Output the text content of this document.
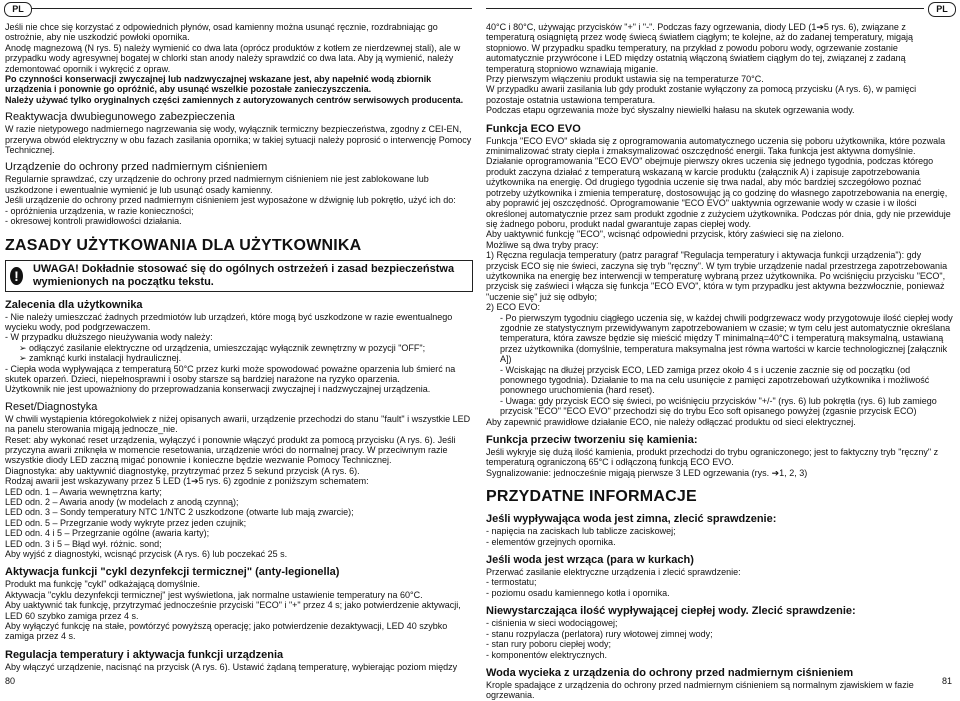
PL	PL

Jeśli nie chce się korzystać z odpowiednich płynów, osad kamienny można usunąć ręcznie, rozdrabniając go ostrożnie, aby nie uszkodzić powłoki opornika.

Anodę magnezową (N rys. 5) należy wymienić co dwa lata (oprócz produktów z kotłem ze nierdzewnej stali), ale w przypadku wody agresywnej bogatej w chlorki stan anody należy sprawdzić co dwa lata. Aby ją wymienić, należy zdemontować opornik i wykręcić z opraw.

Po czynności konserwacji zwyczajnej lub nadzwyczajnej wskazane jest, aby napełnić wodą zbiornik urządzenia i ponownie go opróżnić, aby usunąć wszelkie pozostałe zanieczyszczenia.

Należy używać tylko oryginalnych części zamiennych z autoryzowanych centrów serwisowych producenta.

Reaktywacja dwubiegunowego zabezpieczenia

W razie nietypowego nadmiernego nagrzewania się wody, wyłącznik termiczny bezpieczeństwa, zgodny z CEI-EN, przerywa obwód elektryczny w obu fazach zasilania opornika; w takiej sytuacji należy poprosić o interwencję Pomocy Technicznej.

Urządzenie do ochrony przed nadmiernym ciśnieniem

Regularnie sprawdzać, czy urządzenie do ochrony przed nadmiernym ciśnieniem nie jest zablokowane lub uszkodzone i ewentualnie wymienić je lub usunąć osady kamienny.

Jeśli urządzenie do ochrony przed nadmiernym ciśnieniem jest wyposażone w dźwignię lub pokrętło, użyć ich do:

- opróżnienia urządzenia, w razie konieczności;

- okresowej kontroli prawidłowości działania.

ZASADY UŻYTKOWANIA DLA UŻYTKOWNIKA

!	UWAGA! Dokładnie stosować się do ogólnych ostrzeżeń i zasad bezpieczeństwa wymienionych na początku tekstu.

Zalecenia dla użytkownika

- Nie należy umieszczać żadnych przedmiotów lub urządzeń, które mogą być uszkodzone w razie ewentualnego wycieku wody, pod podgrzewaczem.

- W przypadku dłuższego nieużywania wody należy:

➢ odłączyć zasilanie elektryczne od urządzenia, umieszczając wyłącznik zewnętrzny w pozycji "OFF";

➢ zamknąć kurki instalacji hydraulicznej.

- Ciepła woda wypływająca z temperaturą 50°C przez kurki może spowodować poważne oparzenia lub śmierć na skutek oparzeń. Dzieci, niepełnosprawni i osoby starsze są bardziej narażone na ryzyko oparzenia.

Użytkownik nie jest upoważniony do przeprowadzania konserwacji zwyczajnej i nadzwyczajnej urządzenia.

Reset/Diagnostyka

W chwili wystąpienia któregokolwiek z niżej opisanych awarii, urządzenie przechodzi do stanu "fault" i wszystkie LED na panelu sterowania migają jednocze_nie.

Reset: aby wykonać reset urządzenia, wyłączyć i ponownie włączyć produkt za pomocą przycisku (A rys. 6). Jeśli przyczyna awarii zniknęła w momencie resetowania, urządzenie wróci do normalnej pracy. W przeciwnym razie wszystkie diody LED zaczną migać ponownie i konieczne będzie wezwanie Pomocy Technicznej.

Diagnostyka: aby uaktywnić diagnostykę, przytrzymać przez 5 sekund przycisk (A rys. 6).

Rodzaj awarii jest wskazywany przez 5 LED (1➔5 rys. 6) zgodnie z poniższym schematem:

LED odn. 1 – Awaria wewnętrzna karty;

LED odn. 2 – Awaria anody (w modelach z anodą czynną);

LED odn. 3 – Sondy temperatury NTC 1/NTC 2 uszkodzone (otwarte lub mają zwarcie);

LED odn. 5 – Przegrzanie wody wykryte przez jeden czujnik;

LED odn. 4 i 5 – Przegrzanie ogólne (awaria karty);

LED odn. 3 i 5 – Błąd wył. różnic. sond;

Aby wyjść z diagnostyki, wcisnąć przycisk (A rys. 6) lub poczekać 25 s.

Aktywacja funkcji "cykl dezynfekcji termicznej" (anty-legionella)

Produkt ma funkcję "cykl" odkażającą domyślnie.

Aktywacja "cyklu dezynfekcji termicznej" jest wyświetlona, jak normalne ustawienie temperatury na 60°C.

Aby uaktywnić tak funkcję, przytrzymać jednocześnie przyciski "ECO" i "+" przez 4 s; jako potwierdzenie aktywacji, LED 60 szybko zamiga przez 4 s.

Aby wyłączyć funkcję na stałe, powtórzyć powyższą operację; jako potwierdzenie dezaktywacji, LED 40 szybko zamiga przez 4 s.

Regulacja temperatury i aktywacja funkcji urządzenia

Aby włączyć urządzenie, nacisnąć na przycisk (A rys. 6). Ustawić żądaną temperaturę, wybierając poziom między

40°C i 80°C, używając przycisków "+" i "-". Podczas fazy ogrzewania, diody LED (1➔5 rys. 6), związane z temperaturą osiągniętą przez wodę świecą światłem ciągłym; te kolejne, aż do zadanej temperatury, migają stopniowo. W przypadku spadku temperatury, na przykład z powodu poboru wody, ogrzewanie zostanie automatycznie przywrócone i LED między ostatnią włączoną światłem ciągłym do tej, związanej z zadaną temperaturą stopniowo wznawiają miganie.

Przy pierwszym włączeniu produkt ustawia się na temperaturze 70°C.

W przypadku awarii zasilania lub gdy produkt zostanie wyłączony za pomocą przycisku (A rys. 6), w pamięci pozostaje ostatnia ustawiona temperatura.

Podczas etapu ogrzewania może być słyszalny niewielki hałasu na skutek ogrzewania wody.

Funkcja ECO EVO

Funkcja "ECO EVO" składa się z oprogramowania automatycznego uczenia się poboru użytkownika, które pozwala zminimalizować straty ciepła i zmaksymalizować oszczędność energii. Taka funkcja jest aktywna domyślnie.

Działanie oprogramowania "ECO EVO" obejmuje pierwszy okres uczenia się jednego tygodnia, podczas którego produkt zaczyna działać z temperaturą wskazaną w karcie produktu (załącznik A) i zapisuje zapotrzebowania użytkownika na energię. Od drugiego tygodnia uczenie się trwa nadal, aby móc bardziej szczegółowo poznać potrzeby użytkownika i zmienia temperaturę, dostosowując ją co godzinę do własnego zapotrzebowania na energię, aby poprawić jej oszczędność. Oprogramowanie "ECO EVO" uaktywnia ogrzewanie wody w czasie i w ilości określonej automatycznie przez sam produkt zgodnie z zużyciem użytkownika. Podczas pór dnia, gdy nie przewiduje się żadnego poboru, produkt nadal gwarantuje zapas ciepłej wody.

Aby uaktywnić funkcję "ECO", wcisnąć odpowiedni przycisk, który zaświeci się na zielono.

Możliwe są dwa tryby pracy:

1) Ręczna regulacja temperatury (patrz paragraf "Regulacja temperatury i aktywacja funkcji urządzenia"): gdy przycisk ECO się nie świeci, zaczyna się tryb "ręczny". W tym trybie urządzenie nadal przestrzega zapotrzebowania użytkownika na energię bez interwencji w temperaturę wybraną przez użytkownika. Po wciśnięciu przycisku "ECO", przycisk się zaświeci i włącza się funkcja "ECO EVO", która w tym przypadku jest aktywna bezzwłocznie, ponieważ "uczenie się" już się odbyło;

2) ECO EVO:

- Po pierwszym tygodniu ciągłego uczenia się, w każdej chwili podgrzewacz wody przygotowuje ilość ciepłej wody zgodnie ze statystycznym przewidywanym zapotrzebowaniem w czasie; w tym celu jest automatycznie określana temperatura, która zawsze będzie się mieścić między T minimalną=40°C i temperaturą maksymalną, ustawianą przez użytkownika (domyślnie, temperatura maksymalna jest równa wartości w karcie technologicznej [załącznik A])

- Wciskając na dłużej przycisk ECO, LED zamiga przez około 4 s i uczenie zacznie się od początku (od ponownego tygodnia). Działanie to ma na celu usunięcie z pamięci zapotrzebowań użytkownika i możliwość ponownego uruchomienia (hard reset).

- Uwaga: gdy przycisk ECO się świeci, po wciśnięciu przycisków "+/-" (rys. 6) lub pokrętła (rys. 6) lub zamiego przycisk "ECO" "ECO EVO" przechodzi się do trybu Eco soft opisanego powyżej (zgasnie przycisk ECO)

Aby zapewnić prawidłowe działanie ECO, nie należy odłączać produktu od sieci elektrycznej.

Funkcja przeciw tworzeniu się kamienia:

Jeśli wykryje się dużą ilość kamienia, produkt przechodzi do trybu ograniczonego; jest to faktyczny tryb "ręczny" z temperaturą ograniczoną 65°C i odłączoną funkcją ECO EVO.

Sygnalizowanie: jednocześnie migają pierwsze 3 LED ogrzewania (rys. ➔1, 2, 3)

PRZYDATNE INFORMACJE

Jeśli wypływająca woda jest zimna, zlecić sprawdzenie:

- napięcia na zaciskach lub tablicze zaciskowej;

- elementów grzejnych opornika.

Jeśli woda jest wrząca (para w kurkach)

Przerwać zasilanie elektryczne urządzenia i zlecić sprawdzenie:

- termostatu;

- poziomu osadu kamiennego kotła i opornika.

Niewystarczająca ilość wypływającej ciepłej wody. Zlecić sprawdzenie:

- ciśnienia w sieci wodociągowej;

- stanu rozpylacza (perlatora) rury włotowej zimnej wody;

- stan rury poboru ciepłej wody;

- komponentów elektrycznych.

Woda wycieka z urządzenia do ochrony przed nadmiernym ciśnieniem

Krople spadające z urządzenia do ochrony przed nadmiernym ciśnieniem są normalnym zjawiskiem w fazie ogrzewania.

80	81
